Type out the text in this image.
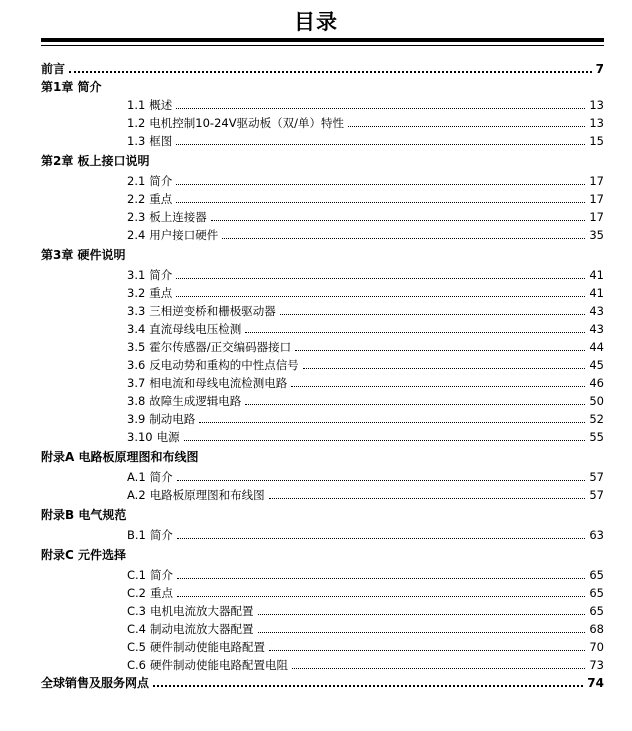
目录
前言	7
第1章 简介
1.1 概述	13
1.2 电机控制10-24V驱动板（双/单）特性	13
1.3 框图	15
第2章 板上接口说明
2.1 简介	17
2.2 重点	17
2.3 板上连接器	17
2.4 用户接口硬件	35
第3章 硬件说明
3.1 简介	41
3.2 重点	41
3.3 三相逆变桥和栅极驱动器	43
3.4 直流母线电压检测	43
3.5 霍尔传感器/正交编码器接口	44
3.6 反电动势和重构的中性点信号	45
3.7 相电流和母线电流检测电路	46
3.8 故障生成逻辑电路	50
3.9 制动电路	52
3.10 电源	55
附录A 电路板原理图和布线图
A.1 简介	57
A.2 电路板原理图和布线图	57
附录B 电气规范
B.1 简介	63
附录C 元件选择
C.1 简介	65
C.2 重点	65
C.3 电机电流放大器配置	65
C.4 制动电流放大器配置	68
C.5 硬件制动使能电路配置	70
C.6 硬件制动使能电路配置电阻	73
全球销售及服务网点	74
